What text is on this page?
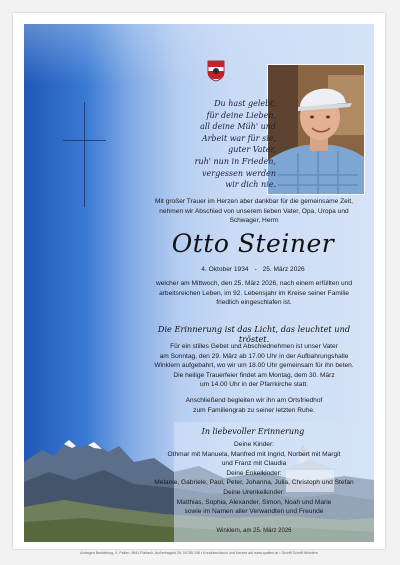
Du hast gelebt,
für deine Lieben,
all deine Müh' und
Arbeit war für sie,
guter Vater,
ruh' nun in Frieden,
vergessen werden
wir dich nie.
Mit großer Trauer im Herzen aber dankbar für die gemeinsame Zeit, nehmen wir Abschied von unserem lieben Vater, Opa, Uropa und Schwager, Herrn
Otto Steiner
4. Oktober 1934 - 25. März 2026
welcher am Mittwoch, den 25. März 2026, nach einem erfüllten und arbeitsreichen Leben, im 92. Lebensjahr im Kreise seiner Familie friedlich eingeschlafen ist.
Die Erinnerung ist das Licht, das leuchtet und tröstet.
Für ein stilles Gebet und Abschiednehmen ist unser Vater
am Sonntag, den 29. März ab 17.00 Uhr in der Aufbahrungshalle
Winklern aufgebahrt, wo wir um 18.00 Uhr gemeinsam für ihn beten.
Die heilige Trauerfeier findet am Montag, dem 30. März
um 14.00 Uhr in der Pfarrkirche statt.
Anschließend begleiten wir ihn am Ortsfriedhof
zum Familiengrab zu seiner letzten Ruhe.
In liebevoller Erinnerung
Deine Kinder:
Othmar mit Manuela, Manfred mit Ingrid, Norbert mit Margit
und Franz mit Claudia
Deine Enkelkinder:
Melanie, Gabriele, Paul, Peter, Johanna, Julia, Christoph und Stefan
Deine Urenkelkinder:
Matthias, Sophia, Alexander, Simon, Noah und Marie
sowie im Namen aller Verwandten und Freunde
Winklern, am 25. März 2026
Anfragen Bestattung, X. Pallen, 9841 Flattach, Außerfragant 26, 04785 248 • Kondolenzbuch und Kerzen auf www.xpallen.at • Schrift Schrift Winklern
